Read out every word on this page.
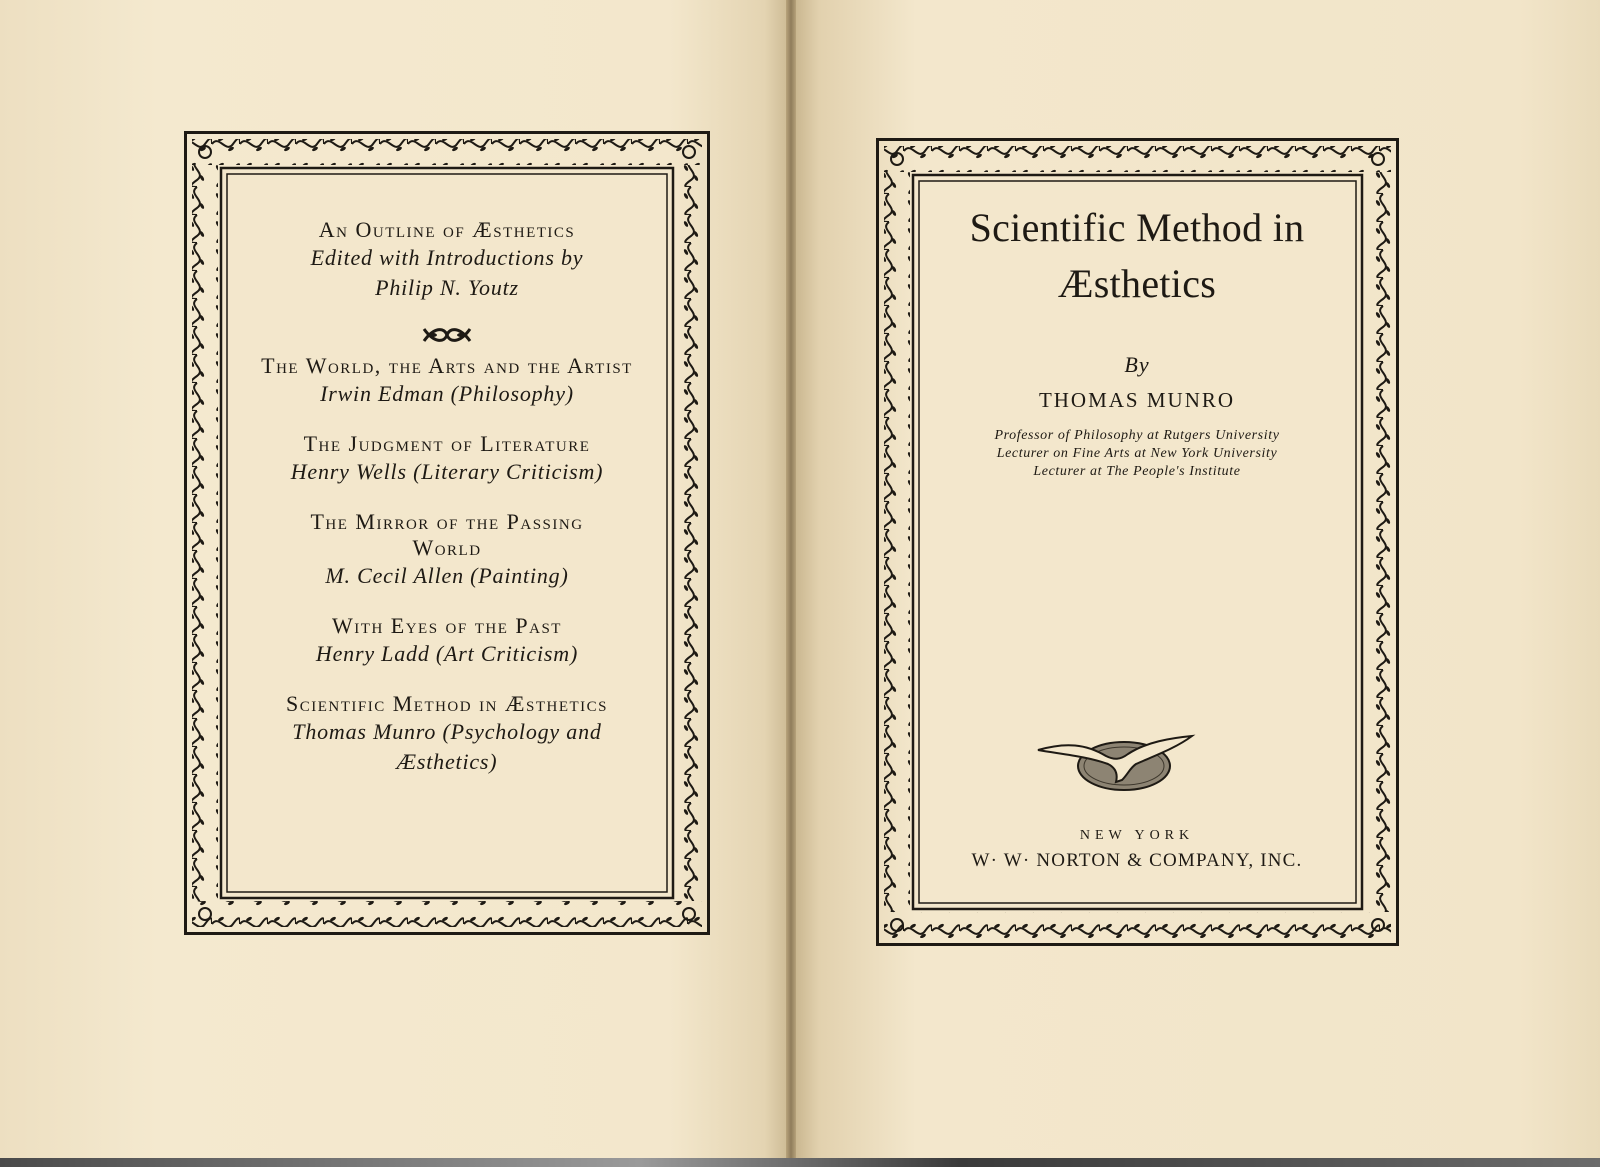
An Outline of Æsthetics
Edited with Introductions by
Philip N. Youtz
The World, the Arts and the Artist
Irwin Edman (Philosophy)
The Judgment of Literature
Henry Wells (Literary Criticism)
The Mirror of the Passing World
M. Cecil Allen (Painting)
With Eyes of the Past
Henry Ladd (Art Criticism)
Scientific Method in Æsthetics
Thomas Munro (Psychology and
Æsthetics)
Scientific Method in
Æsthetics
By
THOMAS MUNRO
Professor of Philosophy at Rutgers University
Lecturer on Fine Arts at New York University
Lecturer at The People's Institute
NEW YORK
W· W· NORTON & COMPANY, INC.
